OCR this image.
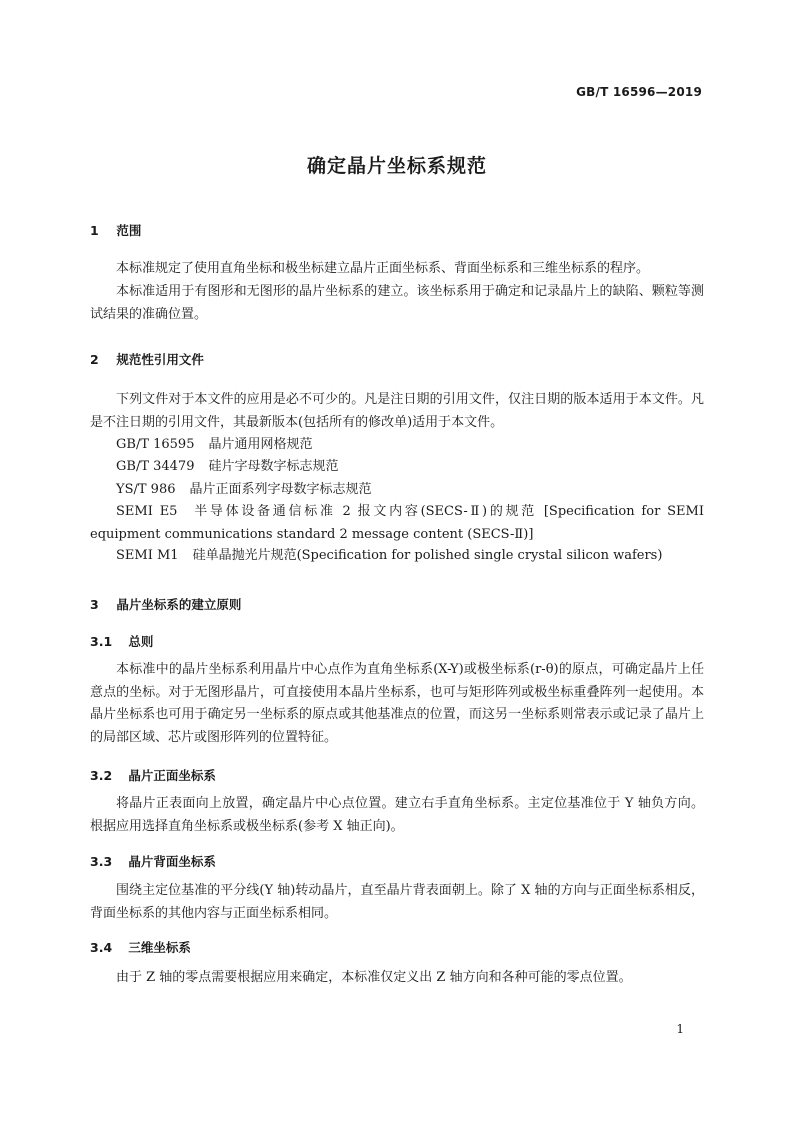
GB/T 16596—2019
确定晶片坐标系规范
1 范围

本标准规定了使用直角坐标和极坐标建立晶片正面坐标系、背面坐标系和三维坐标系的程序。

本标准适用于有图形和无图形的晶片坐标系的建立。该坐标系用于确定和记录晶片上的缺陷、颗粒等测试结果的准确位置。

2 规范性引用文件

下列文件对于本文件的应用是必不可少的。凡是注日期的引用文件，仅注日期的版本适用于本文件。凡是不注日期的引用文件，其最新版本(包括所有的修改单)适用于本文件。

GB/T 16595 晶片通用网格规范
GB/T 34479 硅片字母数字标志规范
YS/T 986 晶片正面系列字母数字标志规范

SEMI E5 半导体设备通信标准 2 报文内容(SECS-Ⅱ)的规范 [Specification for SEMI equipment communications standard 2 message content (SECS-Ⅱ)]

SEMI M1 硅单晶抛光片规范(Specification for polished single crystal silicon wafers)
3 晶片坐标系的建立原则
3.1 总则

本标准中的晶片坐标系利用晶片中心点作为直角坐标系(X-Y)或极坐标系(r-θ)的原点，可确定晶片上任意点的坐标。对于无图形晶片，可直接使用本晶片坐标系，也可与矩形阵列或极坐标重叠阵列一起使用。本晶片坐标系也可用于确定另一坐标系的原点或其他基准点的位置，而这另一坐标系则常表示或记录了晶片上的局部区域、芯片或图形阵列的位置特征。

3.2 晶片正面坐标系

将晶片正表面向上放置，确定晶片中心点位置。建立右手直角坐标系。主定位基准位于 Y 轴负方向。根据应用选择直角坐标系或极坐标系(参考 X 轴正向)。

3.3 晶片背面坐标系

围绕主定位基准的平分线(Y 轴)转动晶片，直至晶片背表面朝上。除了 X 轴的方向与正面坐标系相反，背面坐标系的其他内容与正面坐标系相同。

3.4 三维坐标系

由于 Z 轴的零点需要根据应用来确定，本标准仅定义出 Z 轴方向和各种可能的零点位置。

1
